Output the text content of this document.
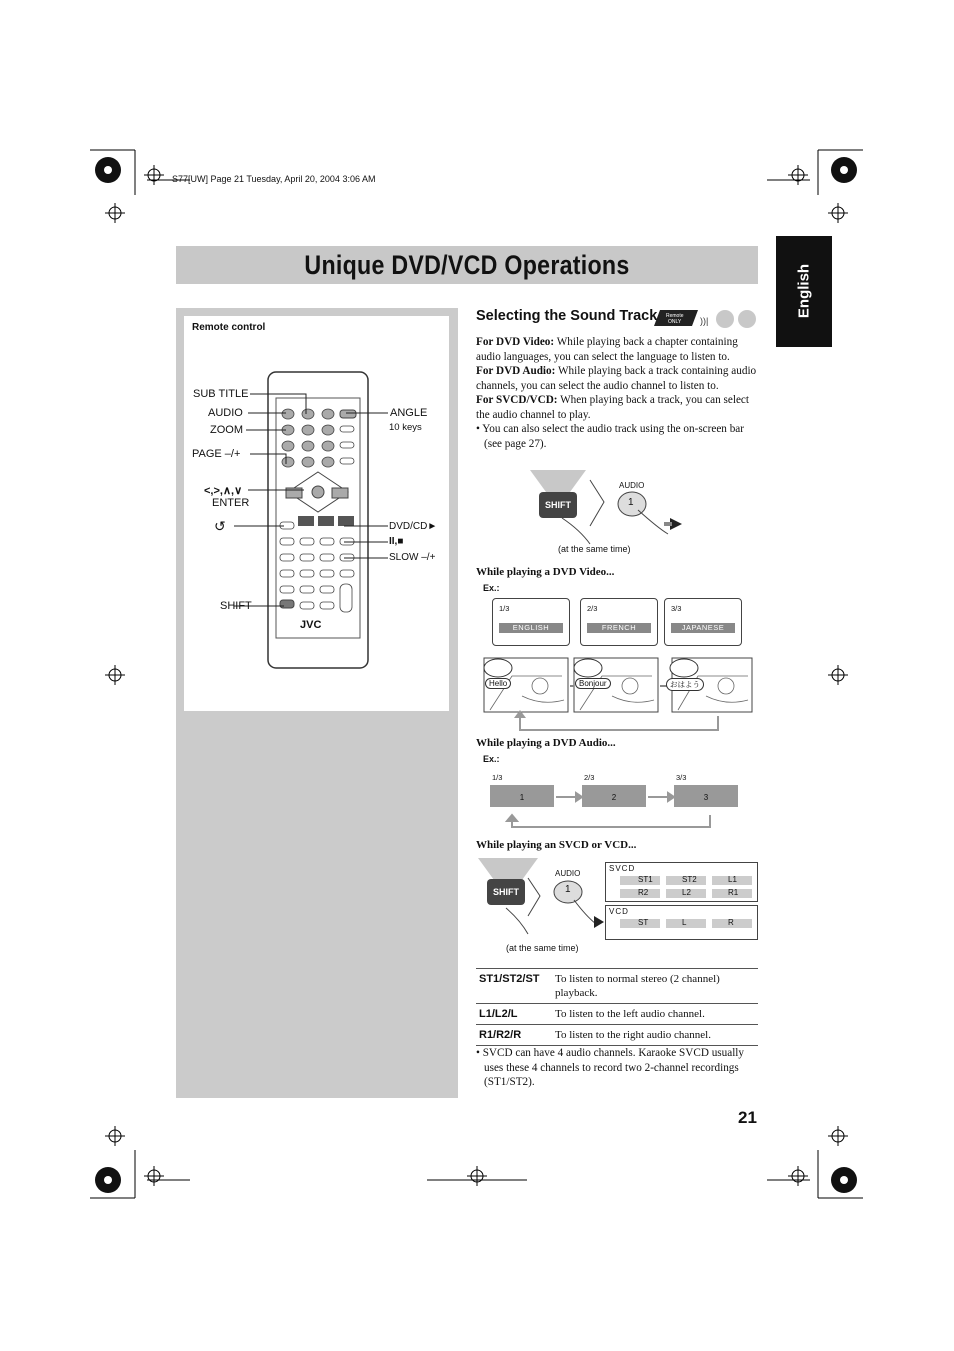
S77[UW] Page 21 Tuesday, April 20, 2004 3:06 AM
Unique DVD/VCD Operations	English
Remote control
JVC
SUB TITLE
AUDIO
ZOOM
PAGE –/+
<,>,∧,∨
ENTER
↺
SHIFT
ANGLE
10 keys
DVD/CD►
II,■
SLOW –/+
Selecting the Sound Track Remote
ONLY ))|
For DVD Video: While playing back a chapter containing audio languages, you can select the language to listen to.
For DVD Audio: While playing back a track containing audio channels, you can select the audio channel to listen to.
For SVCD/VCD: When playing back a track, you can select the audio channel to play.
• You can also select the audio track using the on-screen bar (see page 27).
SHIFT
AUDIO
1
(at the same time)
While playing a DVD Video...
Ex.:
1/3
ENGLISH
2/3
FRENCH
3/3
JAPANESE
Hello	Bonjour	おはよう
While playing a DVD Audio...
Ex.:
1/3
1
2/3
2
3/3
3
While playing an SVCD or VCD...
SHIFT
AUDIO
1
(at the same time)
SVCD
ST1	ST2	L1
R2	L2	R1
VCD
ST	L	R
ST1/ST2/ST	To listen to normal stereo (2 channel) playback.
L1/L2/L	To listen to the left audio channel.
R1/R2/R	To listen to the right audio channel.
• SVCD can have 4 audio channels. Karaoke SVCD usually uses these 4 channels to record two 2-channel recordings (ST1/ST2).
21
